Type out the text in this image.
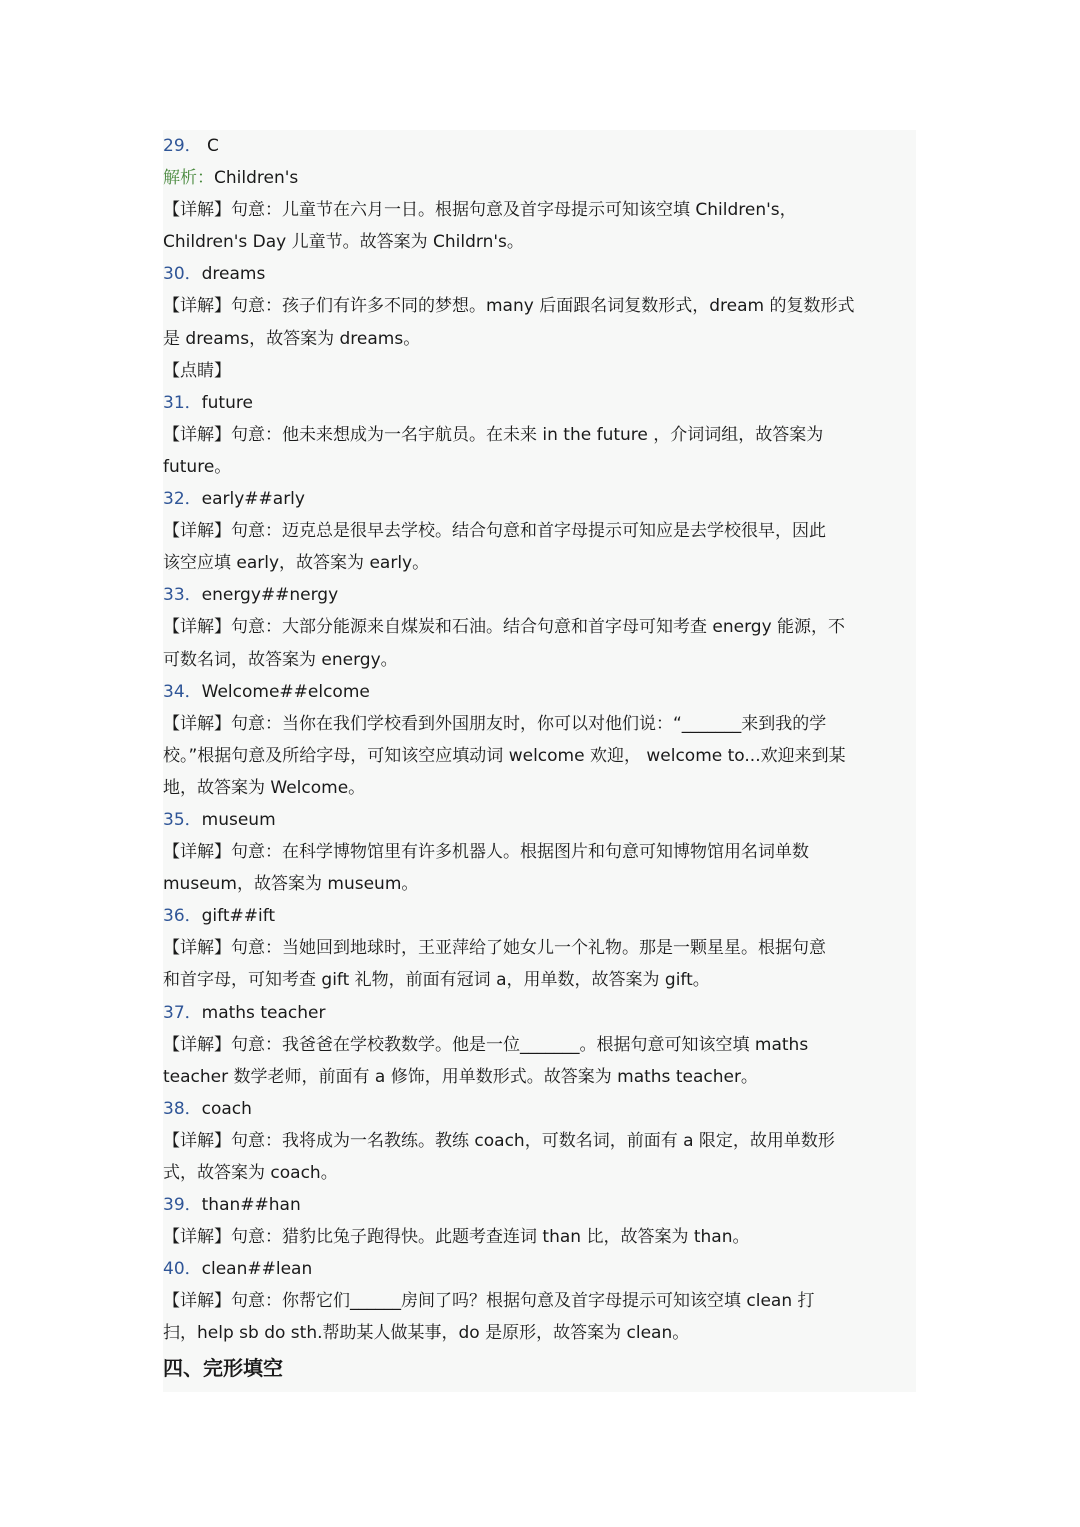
29． C
解析：Children's
【详解】句意：儿童节在六月一日。根据句意及首字母提示可知该空填 Children's，
Children's Day 儿童节。故答案为 Childrn's。
30．dreams
【详解】句意：孩子们有许多不同的梦想。many 后面跟名词复数形式，dream 的复数形式
是 dreams，故答案为 dreams。
【点睛】
31．future
【详解】句意：他未来想成为一名宇航员。在未来 in the future ，介词词组，故答案为
future。
32．early##arly
【详解】句意：迈克总是很早去学校。结合句意和首字母提示可知应是去学校很早，因此
该空应填 early，故答案为 early。
33．energy##nergy
【详解】句意：大部分能源来自煤炭和石油。结合句意和首字母可知考查 energy 能源，不
可数名词，故答案为 energy。
34．Welcome##elcome
【详解】句意：当你在我们学校看到外国朋友时，你可以对他们说：“_______来到我的学
校。”根据句意及所给字母，可知该空应填动词 welcome 欢迎， welcome to...欢迎来到某
地，故答案为 Welcome。
35．museum
【详解】句意：在科学博物馆里有许多机器人。根据图片和句意可知博物馆用名词单数
museum，故答案为 museum。
36．gift##ift
【详解】句意：当她回到地球时，王亚萍给了她女儿一个礼物。那是一颗星星。根据句意
和首字母，可知考查 gift 礼物，前面有冠词 a，用单数，故答案为 gift。
37．maths teacher
【详解】句意：我爸爸在学校教数学。他是一位_______。根据句意可知该空填 maths
teacher 数学老师，前面有 a 修饰，用单数形式。故答案为 maths teacher。
38．coach
【详解】句意：我将成为一名教练。教练 coach，可数名词，前面有 a 限定，故用单数形
式，故答案为 coach。
39．than##han
【详解】句意：猎豹比兔子跑得快。此题考查连词 than 比，故答案为 than。
40．clean##lean
【详解】句意：你帮它们______房间了吗？根据句意及首字母提示可知该空填 clean 打
扫，help sb do sth.帮助某人做某事，do 是原形，故答案为 clean。
四、完形填空
